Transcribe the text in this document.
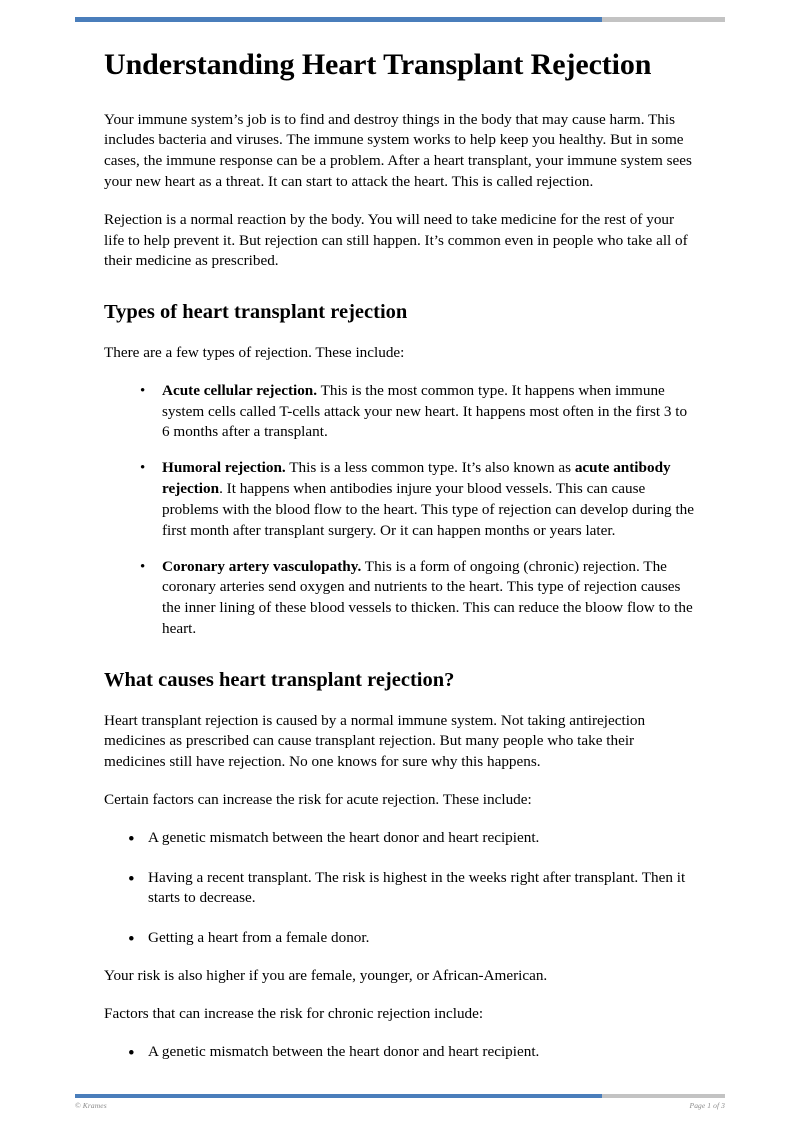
Understanding Heart Transplant Rejection

Your immune system’s job is to find and destroy things in the body that may cause harm. This includes bacteria and viruses. The immune system works to help keep you healthy. But in some cases, the immune response can be a problem. After a heart transplant, your immune system sees your new heart as a threat. It can start to attack the heart. This is called rejection.

Rejection is a normal reaction by the body. You will need to take medicine for the rest of your life to help prevent it. But rejection can still happen. It’s common even in people who take all of their medicine as prescribed.

Types of heart transplant rejection

There are a few types of rejection. These include:

• Acute cellular rejection. This is the most common type. It happens when immune system cells called T-cells attack your new heart. It happens most often in the first 3 to 6 months after a transplant.
• Humoral rejection. This is a less common type. It’s also known as acute antibody rejection. It happens when antibodies injure your blood vessels. This can cause problems with the blood flow to the heart. This type of rejection can develop during the first month after transplant surgery. Or it can happen months or years later.
• Coronary artery vasculopathy. This is a form of ongoing (chronic) rejection. The coronary arteries send oxygen and nutrients to the heart. This type of rejection causes the inner lining of these blood vessels to thicken. This can reduce the bloow flow to the heart.
What causes heart transplant rejection?

Heart transplant rejection is caused by a normal immune system. Not taking antirejection medicines as prescribed can cause transplant rejection. But many people who take their medicines still have rejection. No one knows for sure why this happens.

Certain factors can increase the risk for acute rejection. These include:

• A genetic mismatch between the heart donor and heart recipient.
• Having a recent transplant. The risk is highest in the weeks right after transplant. Then it starts to decrease.
• Getting a heart from a female donor.

Your risk is also higher if you are female, younger, or African-American.

Factors that can increase the risk for chronic rejection include:

• A genetic mismatch between the heart donor and heart recipient.
© Krames	Page 1 of 3
